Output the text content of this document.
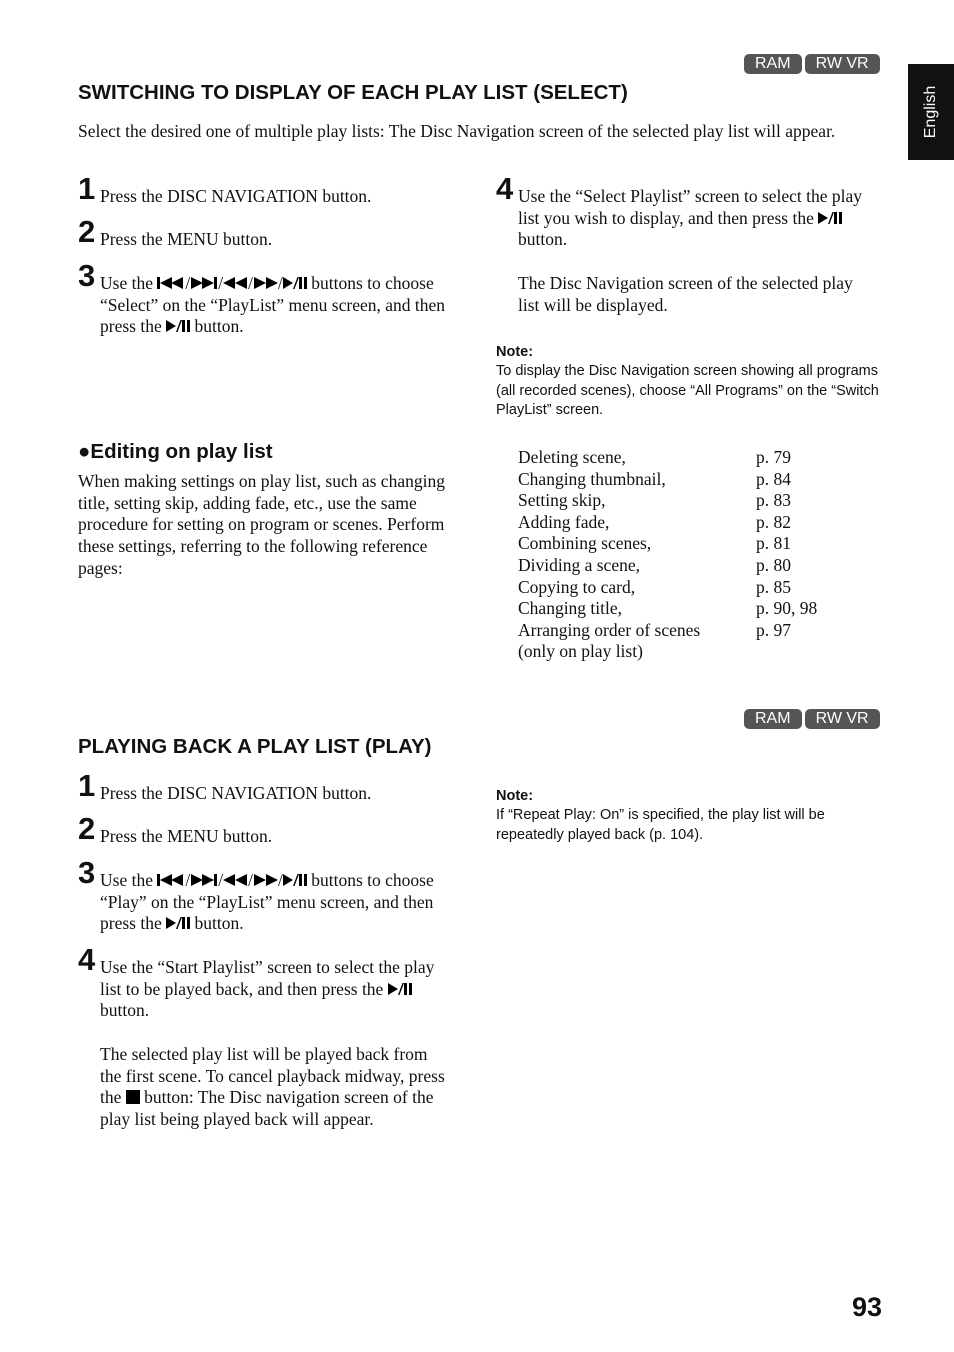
RAM	RW VR
English
SWITCHING TO DISPLAY OF EACH PLAY LIST (SELECT)
Select the desired one of multiple play lists: The Disc Navigation screen of the selected play list will appear.
1 Press the DISC NAVIGATION button.
2 Press the MENU button.
3 Use the / / / / buttons to choose “Select” on the “PlayList” menu screen, and then press the  button.
4 Use the “Select Playlist” screen to select the play list you wish to display, and then press the  button.
The Disc Navigation screen of the selected play list will be displayed.
Note:
To display the Disc Navigation screen showing all programs (all recorded scenes), choose “All Programs” on the “Switch PlayList” screen.
●Editing on play list
When making settings on play list, such as changing title, setting skip, adding fade, etc., use the same procedure for setting on program or scenes. Perform these settings, referring to the following reference pages:
Deleting scene,	p. 79
Changing thumbnail,	p. 84
Setting skip,	p. 83
Adding fade,	p. 82
Combining scenes,	p. 81
Dividing a scene,	p. 80
Copying to card,	p. 85
Changing title,	p. 90, 98
Arranging order of scenes	p. 97
(only on play list)	
RAM	RW VR
PLAYING BACK A PLAY LIST (PLAY)
1 Press the DISC NAVIGATION button.
2 Press the MENU button.
3 Use the / / / / buttons to choose “Play” on the “PlayList” menu screen, and then press the  button.
4 Use the “Start Playlist” screen to select the play list to be played back, and then press the  button.
The selected play list will be played back from the first scene. To cancel playback midway, press the  button: The Disc navigation screen of the play list being played back will appear.
Note:
If “Repeat Play: On” is specified, the play list will be repeatedly played back (p. 104).
93
